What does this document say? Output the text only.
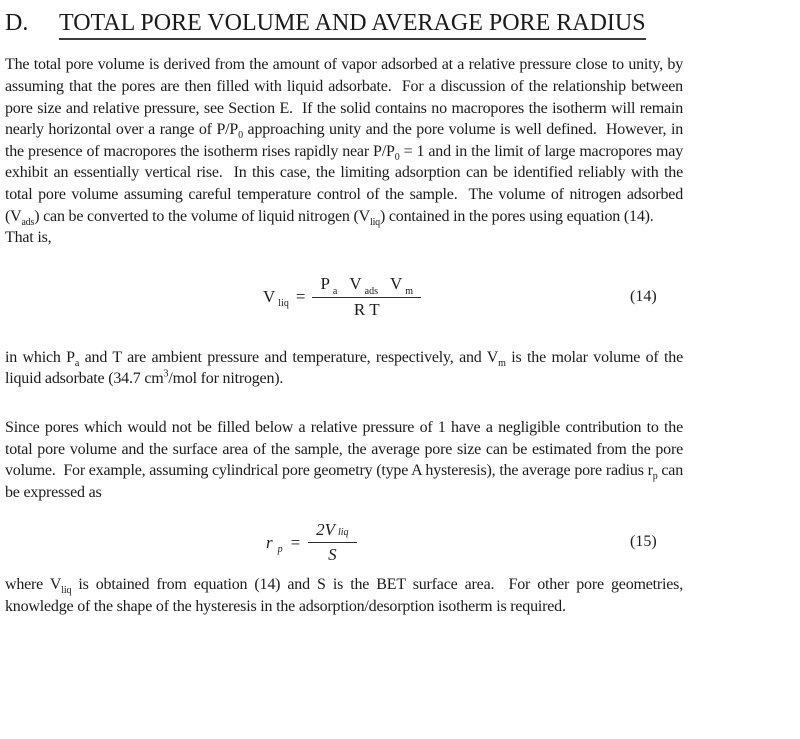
D. TOTAL PORE VOLUME AND AVERAGE PORE RADIUS

The total pore volume is derived from the amount of vapor adsorbed at a relative pressure close to unity, by assuming that the pores are then filled with liquid adsorbate.  For a discussion of the relationship between pore size and relative pressure, see Section E.  If the solid contains no macropores the isotherm will remain nearly horizontal over a range of $P/P_0$ approaching unity and the pore volume is well defined.  However, in the presence of macropores the isotherm rises rapidly near $P/P_0 = 1$ and in the limit of large macropores may exhibit an essentially vertical rise.  In this case, the limiting adsorption can be identified reliably with the total pore volume assuming careful temperature control of the sample.  The volume of nitrogen adsorbed $(V_{ads})$ can be converted to the volume of liquid nitrogen $(V_{liq})$ contained in the pores using equation (14).

That is,

V $_{liq} = \frac{P _a V _{ads} V _m}{\text{R T}}$	(14)

in which $P_a$ and T are ambient pressure and temperature, respectively, and $V_m$ is the molar volume of the liquid adsorbate (34.7 $cm^3$/mol for nitrogen).

Since pores which would not be filled below a relative pressure of 1 have a negligible contribution to the total pore volume and the surface area of the sample, the average pore size can be estimated from the pore volume.  For example, assuming cylindrical pore geometry (type A hysteresis), the average pore radius $r_p$ can be expressed as

r $_p = \frac{\text{2V liq}}{S}$	(15)

where $V_{liq}$ is obtained from equation (14) and S is the BET surface area.  For other pore geometries, knowledge of the shape of the hysteresis in the adsorption/desorption isotherm is required.
